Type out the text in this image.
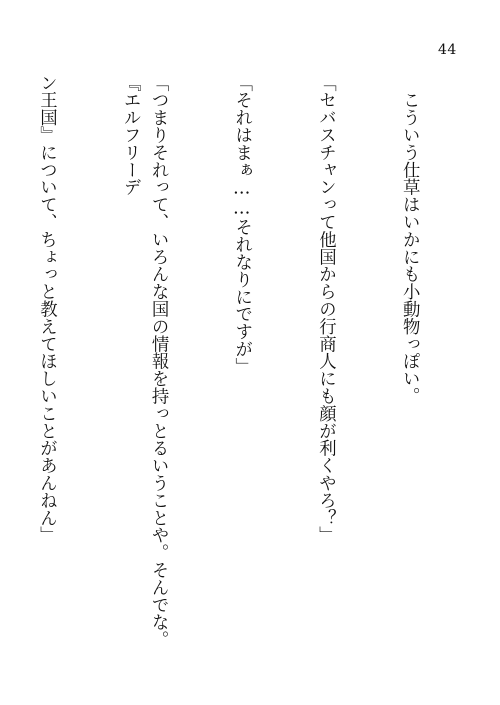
44

　こういう仕草はいかにも小動物っぽい。

「セバスチャンって他国からの行商人にも顔が利くやろ？」

「それはまぁ……それなりにですが」

「つまりそれって、いろんな国の情報を持っとるいうことや。そんでな。『エルフリーデ

ン王国』について、ちょっと教えてほしいことがあんねん」
